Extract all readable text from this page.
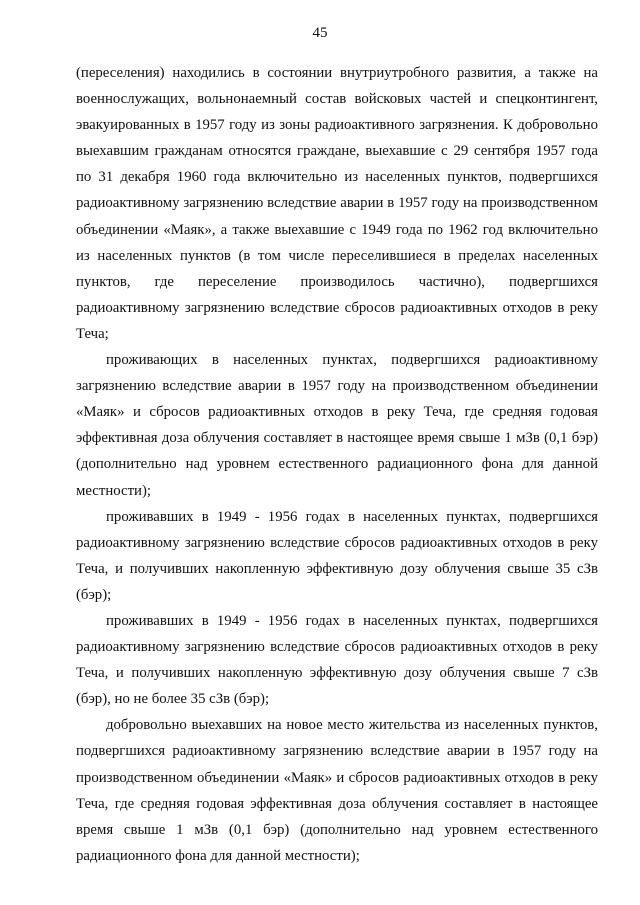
45

(переселения) находились в состоянии внутриутробного развития, а также на военнослужащих, вольнонаемный состав войсковых частей и спецконтингент, эвакуированных в 1957 году из зоны радиоактивного загрязнения. К добровольно выехавшим гражданам относятся граждане, выехавшие с 29 сентября 1957 года по 31 декабря 1960 года включительно из населенных пунктов, подвергшихся радиоактивному загрязнению вследствие аварии в 1957 году на производственном объединении «Маяк», а также выехавшие с 1949 года по 1962 год включительно из населенных пунктов (в том числе переселившиеся в пределах населенных пунктов, где переселение производилось частично), подвергшихся радиоактивному загрязнению вследствие сбросов радиоактивных отходов в реку Теча;

проживающих в населенных пунктах, подвергшихся радиоактивному загрязнению вследствие аварии в 1957 году на производственном объединении «Маяк» и сбросов радиоактивных отходов в реку Теча, где средняя годовая эффективная доза облучения составляет в настоящее время свыше 1 мЗв (0,1 бэр) (дополнительно над уровнем естественного радиационного фона для данной местности);

проживавших в 1949 - 1956 годах в населенных пунктах, подвергшихся радиоактивному загрязнению вследствие сбросов радиоактивных отходов в реку Теча, и получивших накопленную эффективную дозу облучения свыше 35 сЗв (бэр);

проживавших в 1949 - 1956 годах в населенных пунктах, подвергшихся радиоактивному загрязнению вследствие сбросов радиоактивных отходов в реку Теча, и получивших накопленную эффективную дозу облучения свыше 7 сЗв (бэр), но не более 35 сЗв (бэр);

добровольно выехавших на новое место жительства из населенных пунктов, подвергшихся радиоактивному загрязнению вследствие аварии в 1957 году на производственном объединении «Маяк» и сбросов радиоактивных отходов в рeку Теча, где средняя годовая эффективная доза облучения составляет в настоящее время свыше 1 мЗв (0,1 бэр) (дополнительно над уровнем естественного радиационного фона для данной местности);
